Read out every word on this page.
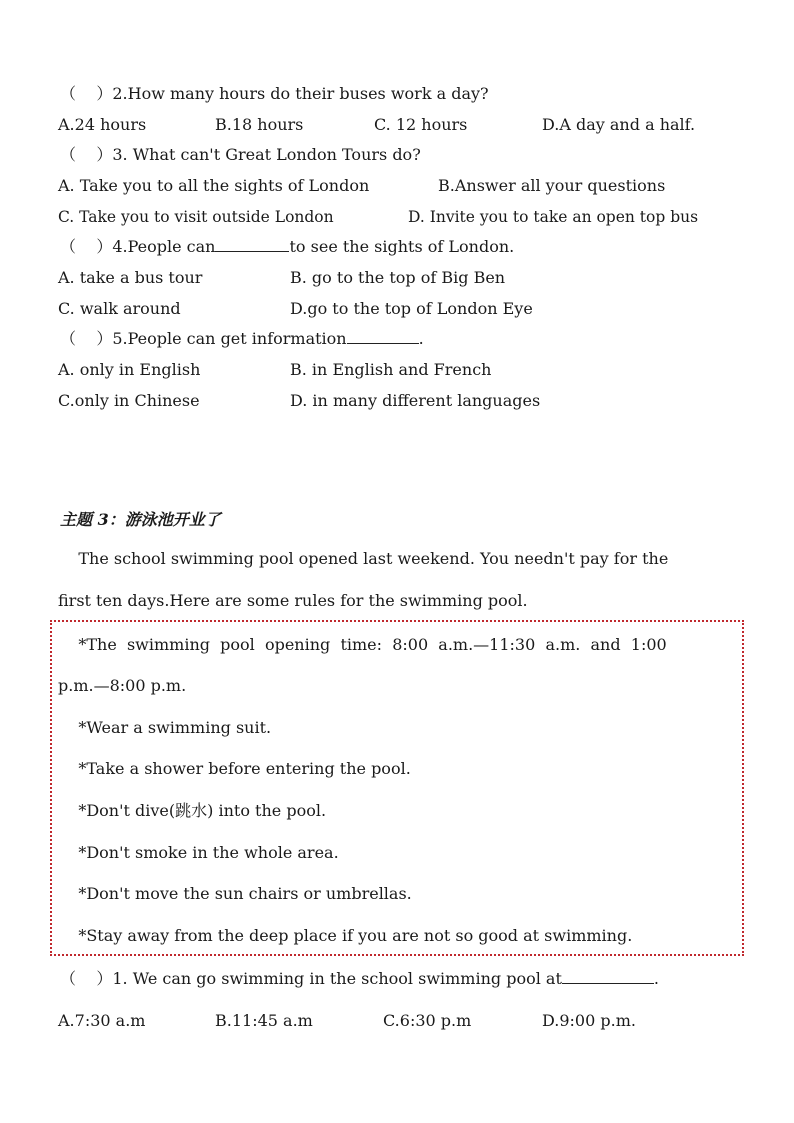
（    ）2.How many hours do their buses work a day?
A.24 hours	B.18 hours	C. 12 hours	D.A day and a half.
（    ）3. What can't Great London Tours do?
A. Take you to all the sights of London	B.Answer all your questions
C. Take you to visit outside London	D. Invite you to take an open top bus
（    ）4.People can	to see the sights of London.
A. take a bus tour	B. go to the top of Big Ben
C. walk around	D.go to the top of London Eye
（    ）5.People can get information	.
A. only in English	B. in English and French
C.only in Chinese	D. in many different languages
主题 3：游泳池开业了
The school swimming pool opened last weekend. You needn't pay for the
first ten days.Here are some rules for the swimming pool.
*The  swimming  pool  opening  time:  8:00  a.m.—11:30  a.m.  and  1:00
p.m.—8:00 p.m.
*Wear a swimming suit.
*Take a shower before entering the pool.
*Don't dive(跳水) into the pool.
*Don't smoke in the whole area.
*Don't move the sun chairs or umbrellas.
*Stay away from the deep place if you are not so good at swimming.
（    ）1. We can go swimming in the school swimming pool at	.
A.7:30 a.m	B.11:45 a.m	C.6:30 p.m	D.9:00 p.m.
